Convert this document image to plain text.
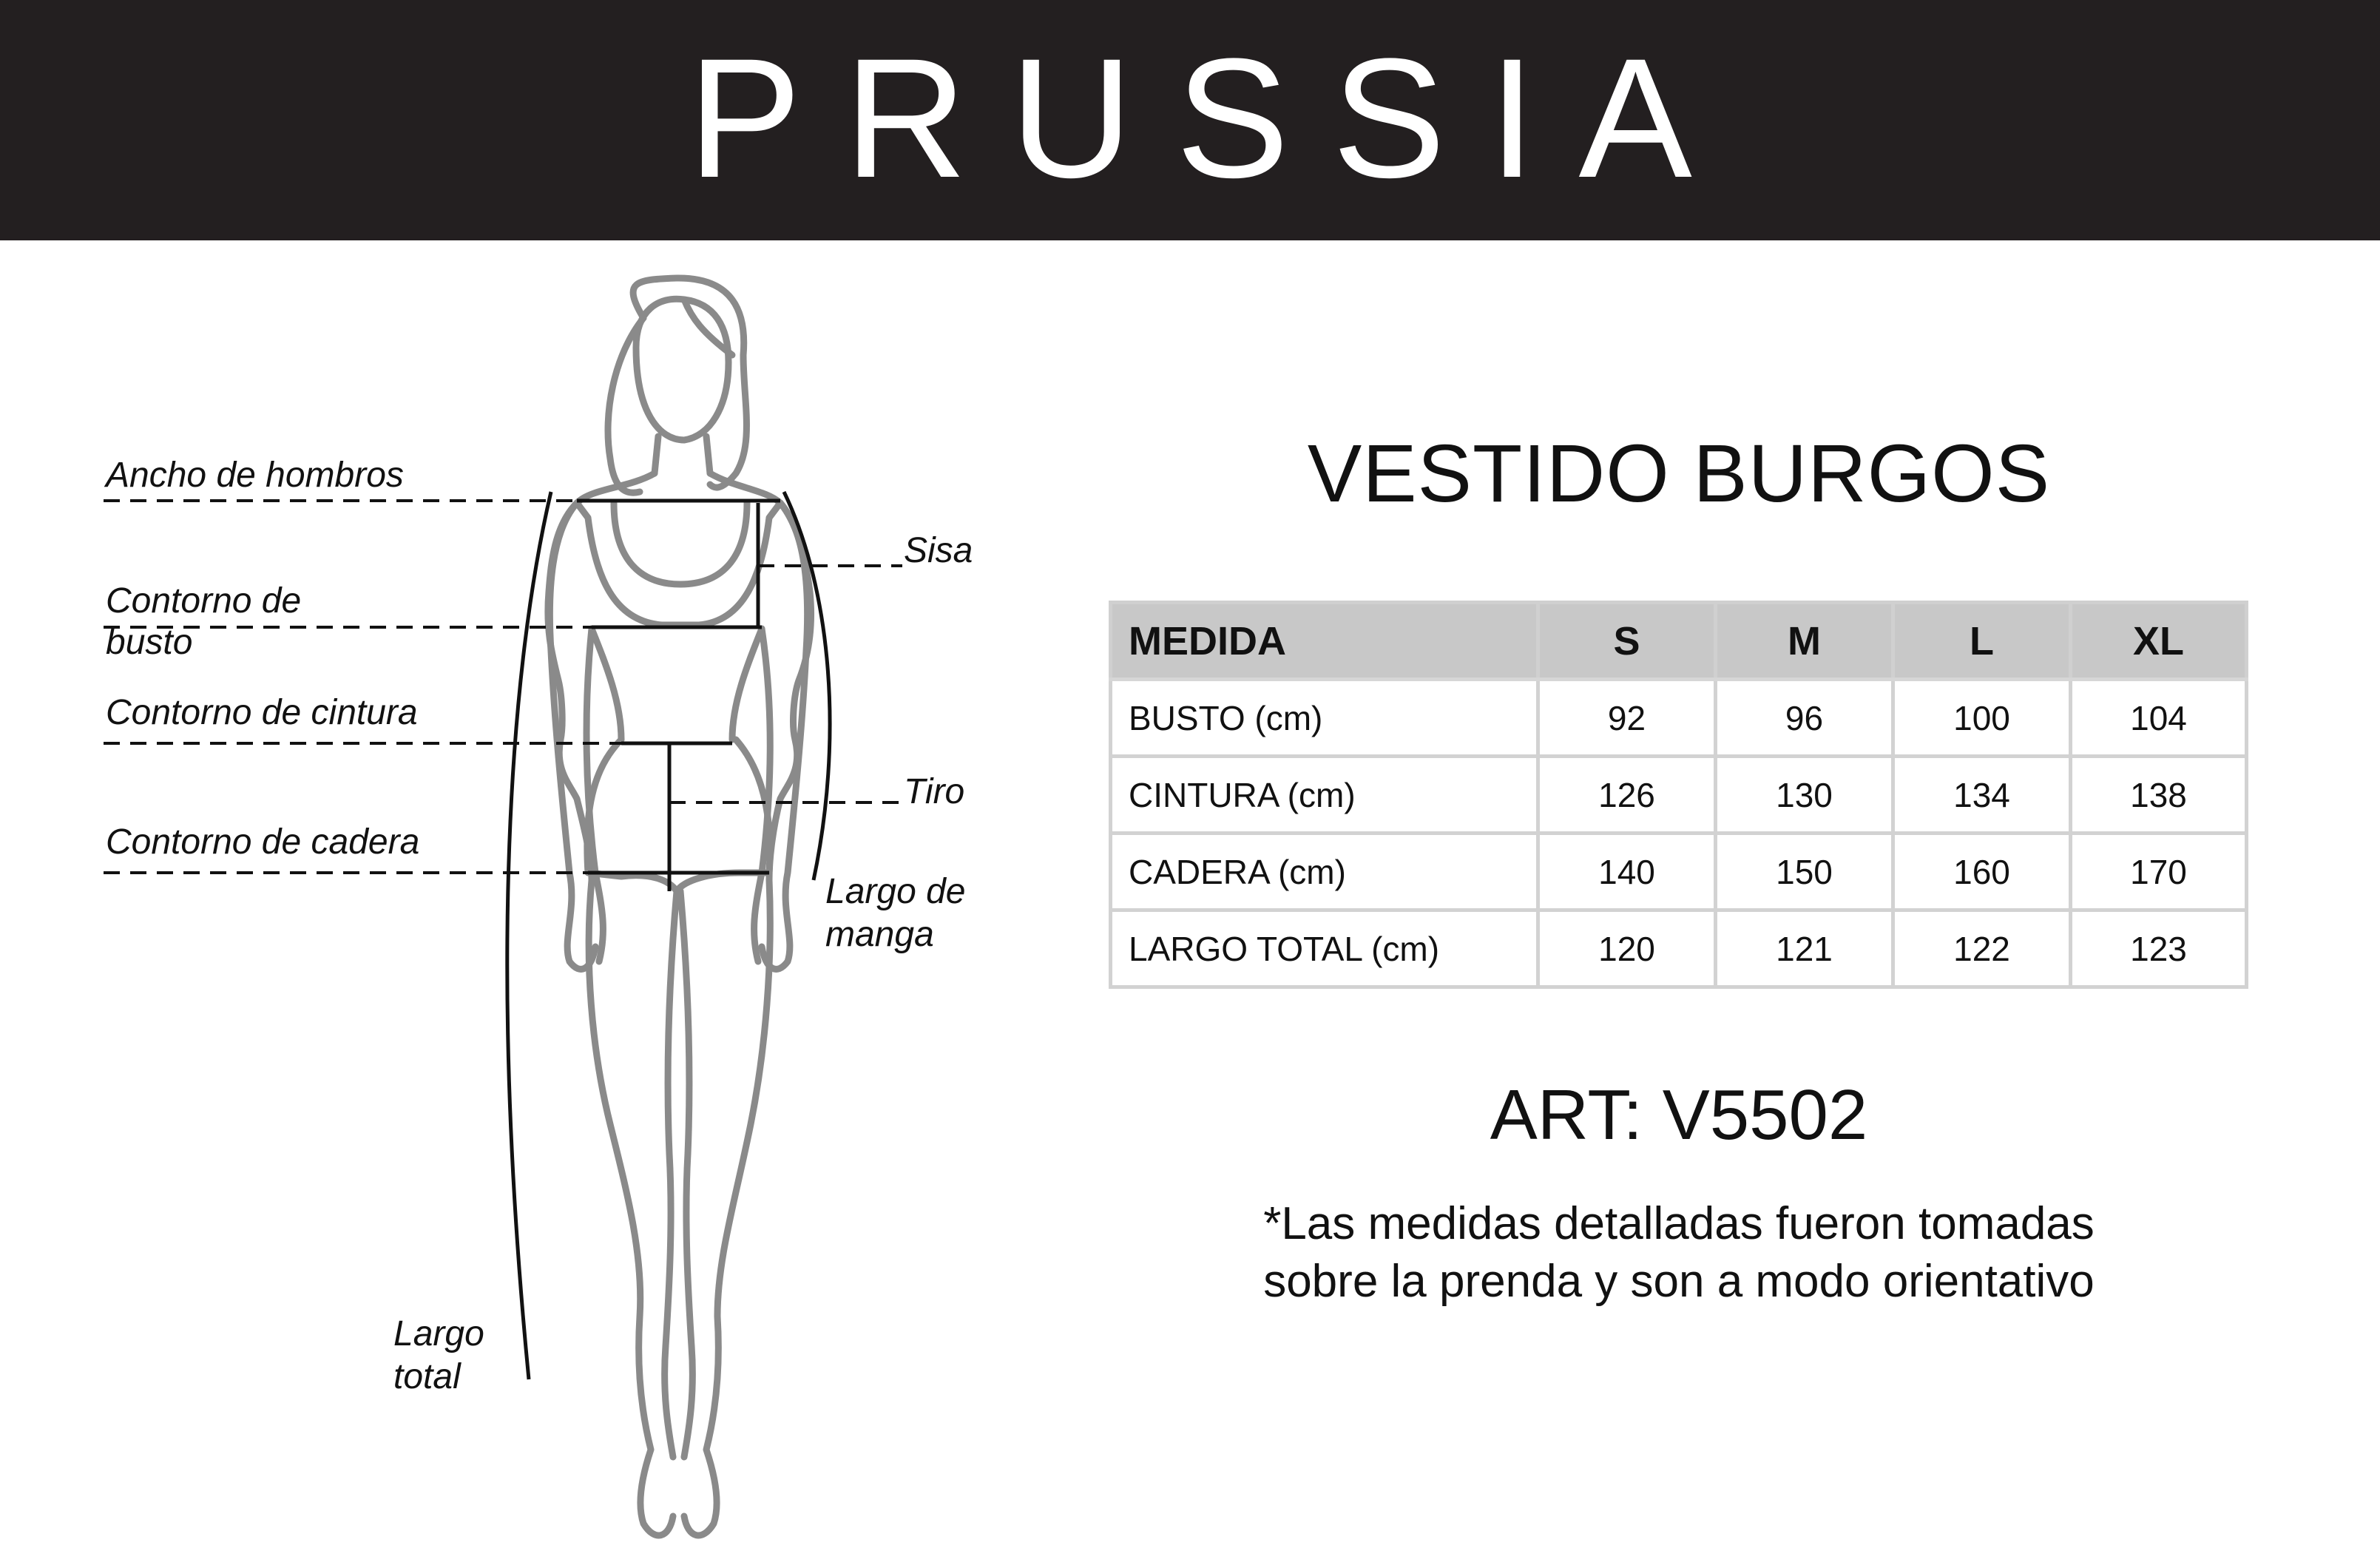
PRUSSIA
Ancho de hombros
Contorno de busto
Contorno de cintura
Contorno de cadera
Sisa
Tiro
Largo de manga
Largo total
VESTIDO BURGOS
MEDIDA	S	M	L	XL
BUSTO (cm)	92	96	100	104
CINTURA (cm)	126	130	134	138
CADERA (cm)	140	150	160	170
LARGO TOTAL (cm)	120	121	122	123
ART: V5502
*Las medidas detalladas fueron tomadas sobre la prenda y son a modo orientativo
